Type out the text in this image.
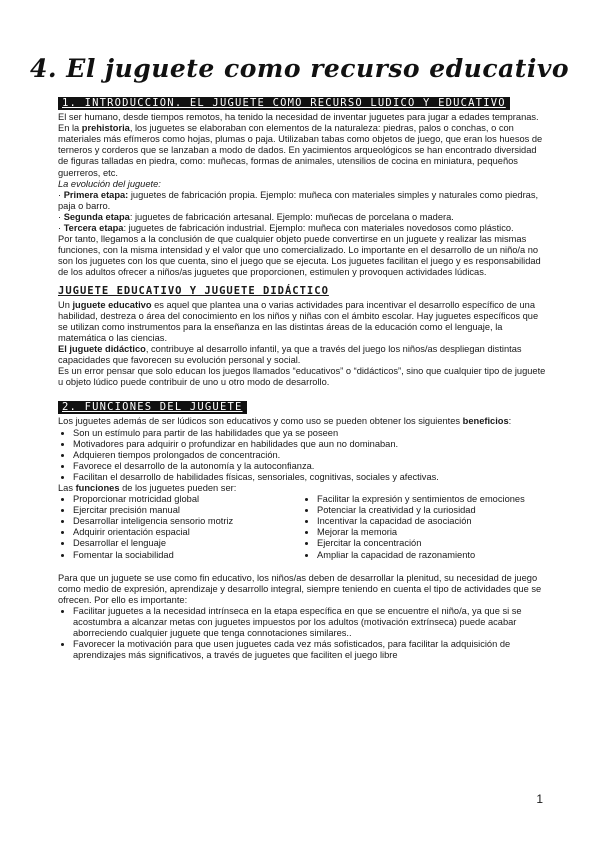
4. El juguete como recurso educativo
1. INTRODUCCION. EL JUGUETE COMO RECURSO LUDICO Y EDUCATIVO

El ser humano, desde tiempos remotos, ha tenido la necesidad de inventar juguetes para jugar a edades tempranas. En la prehistoria, los juguetes se elaboraban con elementos de la naturaleza: piedras, palos o conchas, o con materiales más efímeros como hojas, plumas o paja. Utilizaban tabas como objetos de juego, que eran los huesos de terneros y corderos que se lanzaban a modo de dados. En yacimientos arqueológicos se han encontrado diversidad de figuras talladas en piedra, como: muñecas, formas de animales, utensilios de cocina en miniatura, pequeños guerreros, etc.

La evolución del juguete:

· Primera etapa: juguetes de fabricación propia. Ejemplo: muñeca con materiales simples y naturales como piedras, paja o barro.

· Segunda etapa: juguetes de fabricación artesanal. Ejemplo: muñecas de porcelana o madera.

· Tercera etapa: juguetes de fabricación industrial. Ejemplo: muñeca con materiales novedosos como plástico.

Por tanto, llegamos a la conclusión de que cualquier objeto puede convertirse en un juguete y realizar las mismas funciones, con la misma intensidad y el valor que uno comercializado. Lo importante en el desarrollo de un niño/a no son los juguetes con los que cuenta, sino el juego que se ejecuta. Los juguetes facilitan el juego y es responsabilidad de los adultos ofrecer a niños/as juguetes que proporcionen, estimulen y provoquen actividades lúdicas.

JUGUETE EDUCATIVO Y JUGUETE DIDÁCTICO

Un juguete educativo es aquel que plantea una o varias actividades para incentivar el desarrollo específico de una habilidad, destreza o área del conocimiento en los niños y niñas con el ámbito escolar. Hay juguetes específicos que se utilizan como instrumentos para la enseñanza en las distintas áreas de la educación como el lenguaje, la matemática o las ciencias.

El juguete didáctico, contribuye al desarrollo infantil, ya que a través del juego los niños/as despliegan distintas capacidades que favorecen su evolución personal y social.

Es un error pensar que solo educan los juegos llamados “educativos” o “didácticos”, sino que cualquier tipo de juguete u objeto lúdico puede contribuir de uno u otro modo de desarrollo.

2. FUNCIONES DEL JUGUETE

Los juguetes además de ser lúdicos son educativos y como uso se pueden obtener los siguientes beneficios:

• Son un estímulo para partir de las habilidades que ya se poseen
• Motivadores para adquirir o profundizar en habilidades que aun no dominaban.
• Adquieren tiempos prolongados de concentración.
• Favorece el desarrollo de la autonomía y la autoconfianza.
• Facilitan el desarrollo de habilidades físicas, sensoriales, cognitivas, sociales y afectivas.

Las funciones de los juguetes pueden ser:

• Proporcionar motricidad global
• Ejercitar precisión manual
• Desarrollar inteligencia sensorio motriz
• Adquirir orientación espacial
• Desarrollar el lenguaje
• Fomentar la sociabilidad
• Facilitar la expresión y sentimientos de emociones
• Potenciar la creatividad y la curiosidad
• Incentivar la capacidad de asociación
• Mejorar la memoria
• Ejercitar la concentración
• Ampliar la capacidad de razonamiento

Para que un juguete se use como fin educativo, los niños/as deben de desarrollar la plenitud, su necesidad de juego como medio de expresión, aprendizaje y desarrollo integral, siempre teniendo en cuenta el tipo de actividades que se ofrecen. Por ello es importante:

• Facilitar juguetes a la necesidad intrínseca en la etapa específica en que se encuentre el niño/a, ya que si se acostumbra a alcanzar metas con juguetes impuestos por los adultos (motivación extrínseca) puede acabar aborreciendo cualquier juguete que tenga connotaciones similares..
• Favorecer la motivación para que usen juguetes cada vez más sofisticados, para facilitar la adquisición de aprendizajes más significativos, a través de juguetes que faciliten el juego libre
1
